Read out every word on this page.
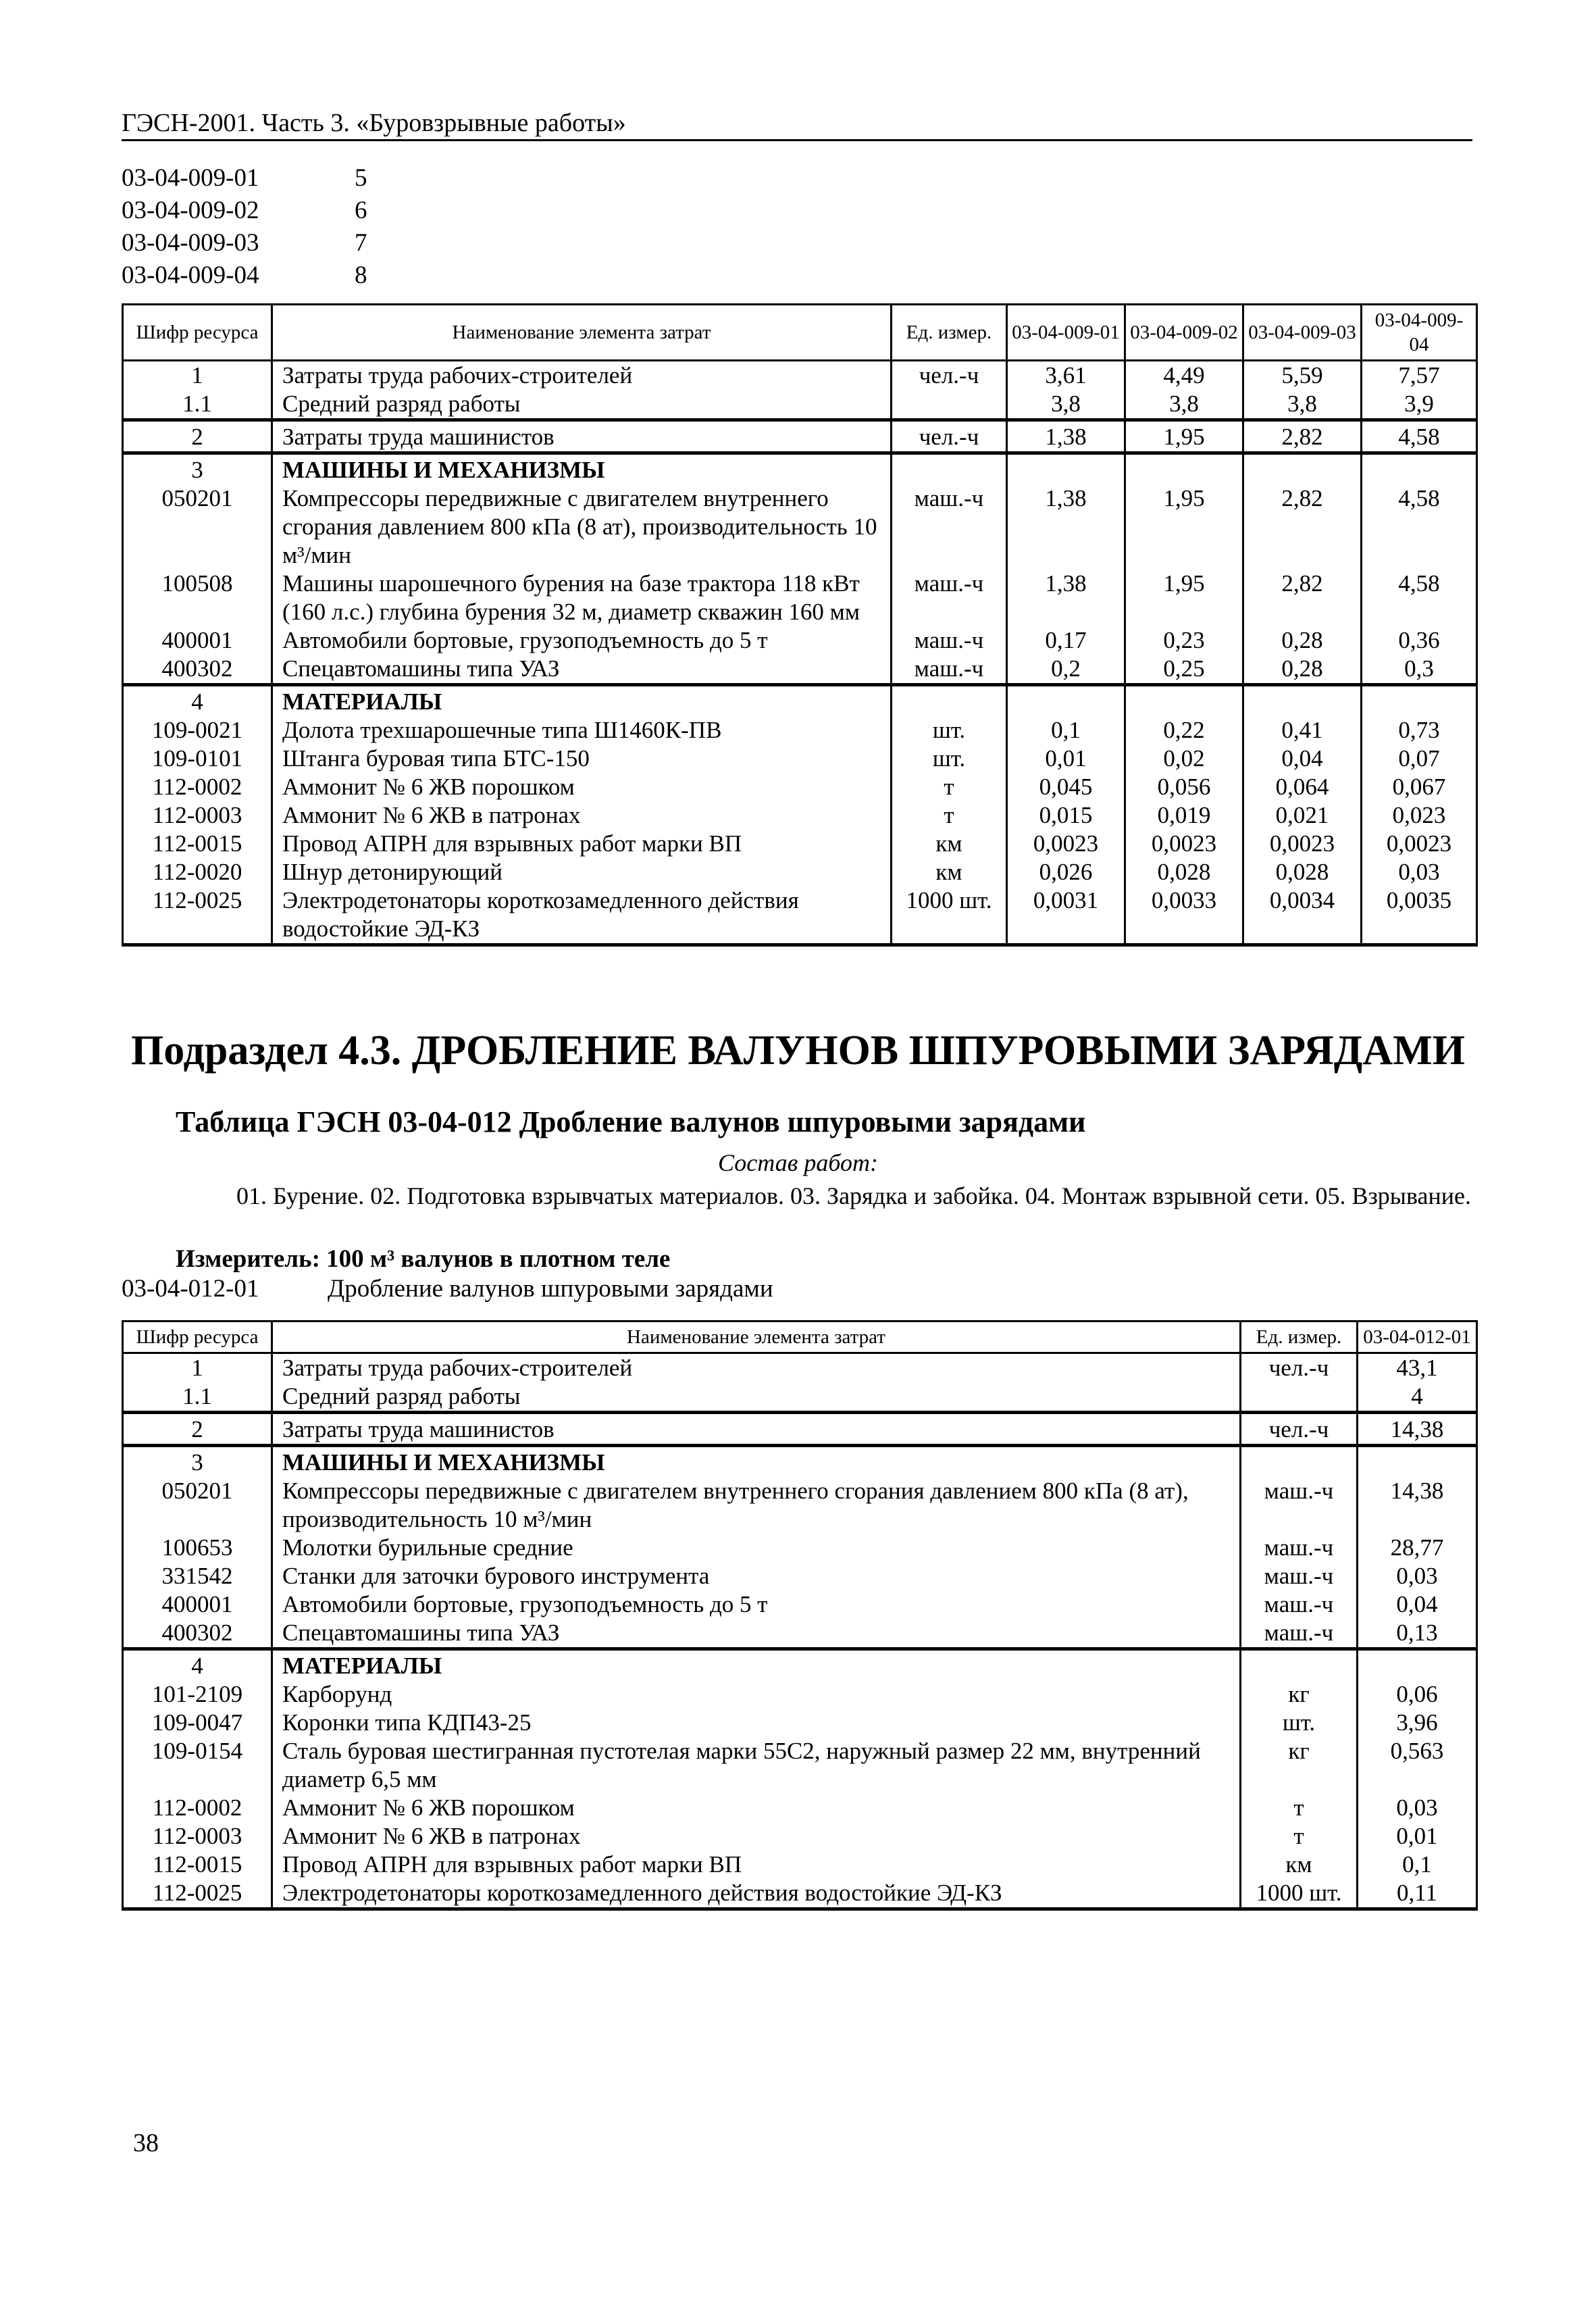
ГЭСН-2001. Часть 3. «Буровзрывные работы»
03-04-009-01	5
03-04-009-02	6
03-04-009-03	7
03-04-009-04	8
Шифр ресурса	Наименование элемента затрат	Ед. измер.	03-04-009-01	03-04-009-02	03-04-009-03	03-04-009-04
1	Затраты труда рабочих-строителей	чел.-ч	3,61	4,49	5,59	7,57
1.1	Средний разряд работы		3,8	3,8	3,8	3,9
2	Затраты труда машинистов	чел.-ч	1,38	1,95	2,82	4,58
3	МАШИНЫ И МЕХАНИЗМЫ					
050201	Компрессоры передвижные с двигателем внутреннего сгорания давлением 800 кПа (8 ат), производительность 10 м³/мин	маш.-ч	1,38	1,95	2,82	4,58
100508	Машины шарошечного бурения на базе трактора 118 кВт (160 л.с.) глубина бурения 32 м, диаметр скважин 160 мм	маш.-ч	1,38	1,95	2,82	4,58
400001	Автомобили бортовые, грузоподъемность до 5 т	маш.-ч	0,17	0,23	0,28	0,36
400302	Спецавтомашины типа УАЗ	маш.-ч	0,2	0,25	0,28	0,3
4	МАТЕРИАЛЫ					
109-0021	Долота трехшарошечные типа Ш1460К-ПВ	шт.	0,1	0,22	0,41	0,73
109-0101	Штанга буровая типа БТС-150	шт.	0,01	0,02	0,04	0,07
112-0002	Аммонит № 6 ЖВ порошком	т	0,045	0,056	0,064	0,067
112-0003	Аммонит № 6 ЖВ в патронах	т	0,015	0,019	0,021	0,023
112-0015	Провод АПРН для взрывных работ марки ВП	км	0,0023	0,0023	0,0023	0,0023
112-0020	Шнур детонирующий	км	0,026	0,028	0,028	0,03
112-0025	Электродетонаторы короткозамедленного действия водостойкие ЭД-КЗ	1000 шт.	0,0031	0,0033	0,0034	0,0035
Подраздел 4.3. ДРОБЛЕНИЕ ВАЛУНОВ ШПУРОВЫМИ ЗАРЯДАМИ
Таблица ГЭСН 03-04-012 Дробление валунов шпуровыми зарядами
Состав работ:
01. Бурение. 02. Подготовка взрывчатых материалов. 03. Зарядка и забойка. 04. Монтаж взрывной сети. 05. Взрывание.
Измеритель: 100 м³ валунов в плотном теле
03-04-012-01	Дробление валунов шпуровыми зарядами
Шифр ресурса	Наименование элемента затрат	Ед. измер.	03-04-012-01
1	Затраты труда рабочих-строителей	чел.-ч	43,1
1.1	Средний разряд работы		4
2	Затраты труда машинистов	чел.-ч	14,38
3	МАШИНЫ И МЕХАНИЗМЫ		
050201	Компрессоры передвижные с двигателем внутреннего сгорания давлением 800 кПа (8 ат), производительность 10 м³/мин	маш.-ч	14,38
100653	Молотки бурильные средние	маш.-ч	28,77
331542	Станки для заточки бурового инструмента	маш.-ч	0,03
400001	Автомобили бортовые, грузоподъемность до 5 т	маш.-ч	0,04
400302	Спецавтомашины типа УАЗ	маш.-ч	0,13
4	МАТЕРИАЛЫ		
101-2109	Карборунд	кг	0,06
109-0047	Коронки типа КДП43-25	шт.	3,96
109-0154	Сталь буровая шестигранная пустотелая марки 55С2, наружный размер 22 мм, внутренний диаметр 6,5 мм	кг	0,563
112-0002	Аммонит № 6 ЖВ порошком	т	0,03
112-0003	Аммонит № 6 ЖВ в патронах	т	0,01
112-0015	Провод АПРН для взрывных работ марки ВП	км	0,1
112-0025	Электродетонаторы короткозамедленного действия водостойкие ЭД-КЗ	1000 шт.	0,11
38
